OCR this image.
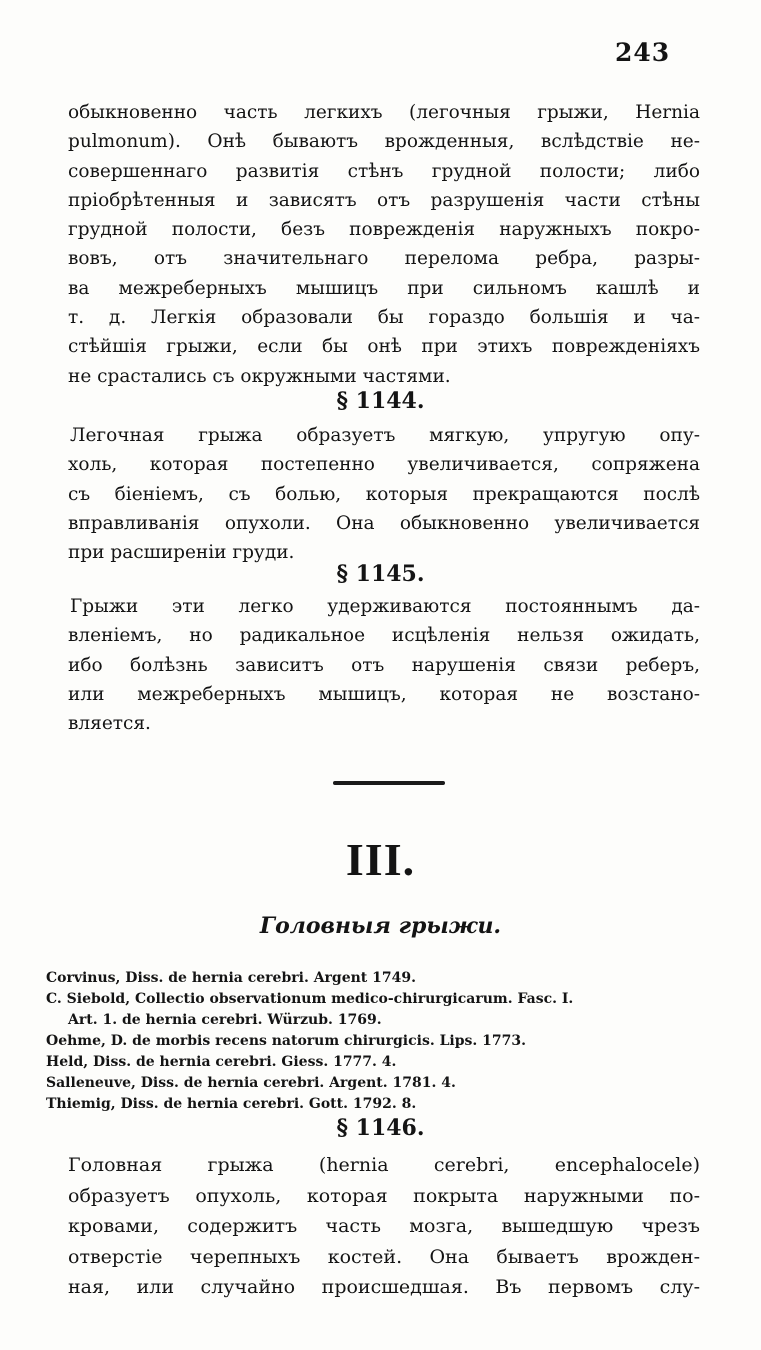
243
обыкновенно часть легкихъ (легочныя грыжи, Hernia
pulmonum). Онѣ бываютъ врожденныя, вслѣдствіе не-
совершеннаго развитія стѣнъ грудной полости; либо
пріобрѣтенныя и зависятъ отъ разрушенія части стѣны
грудной полости, безъ поврежденія наружныхъ покро-
вовъ, отъ значительнаго перелома ребра, разры-
ва межреберныхъ мышицъ при сильномъ кашлѣ и
т. д. Легкія образовали бы гораздо большія и ча-
стѣйшія грыжи, если бы онѣ при этихъ поврежденіяхъ
не срастались съ окружными частями.
§ 1144.
Легочная грыжа образуетъ мягкую, упругую опу-
холь, которая постепенно увеличивается, сопряжена
съ біеніемъ, съ болью, которыя прекращаются послѣ
вправливанія опухоли. Она обыкновенно увеличивается
при расширеніи груди.
§ 1145.
Грыжи эти легко удерживаются постояннымъ да-
вленіемъ, но радикальное исцѣленія нельзя ожидать,
ибо болѣзнь зависитъ отъ нарушенія связи реберъ,
или межреберныхъ мышицъ, которая не возстано-
вляется.
III.
Головныя грыжи.
Corvinus, Diss. de hernia cerebri. Argent 1749.
C. Siebold, Collectio observationum medico-chirurgicarum. Fasc. I.
Art. 1. de hernia cerebri. Würzub. 1769.
Oehme, D. de morbis recens natorum chirurgicis. Lips. 1773.
Held, Diss. de hernia cerebri. Giess. 1777. 4.
Salleneuve, Diss. de hernia cerebri. Argent. 1781. 4.
Thiemig, Diss. de hernia cerebri. Gott. 1792. 8.
§ 1146.
Головная грыжа (hernia cerebri, encephalocele)
образуетъ опухоль, которая покрыта наружными по-
кровами, содержитъ часть мозга, вышедшую чрезъ
отверстіе черепныхъ костей. Она бываетъ врожден-
ная, или случайно происшедшая. Въ первомъ слу-
